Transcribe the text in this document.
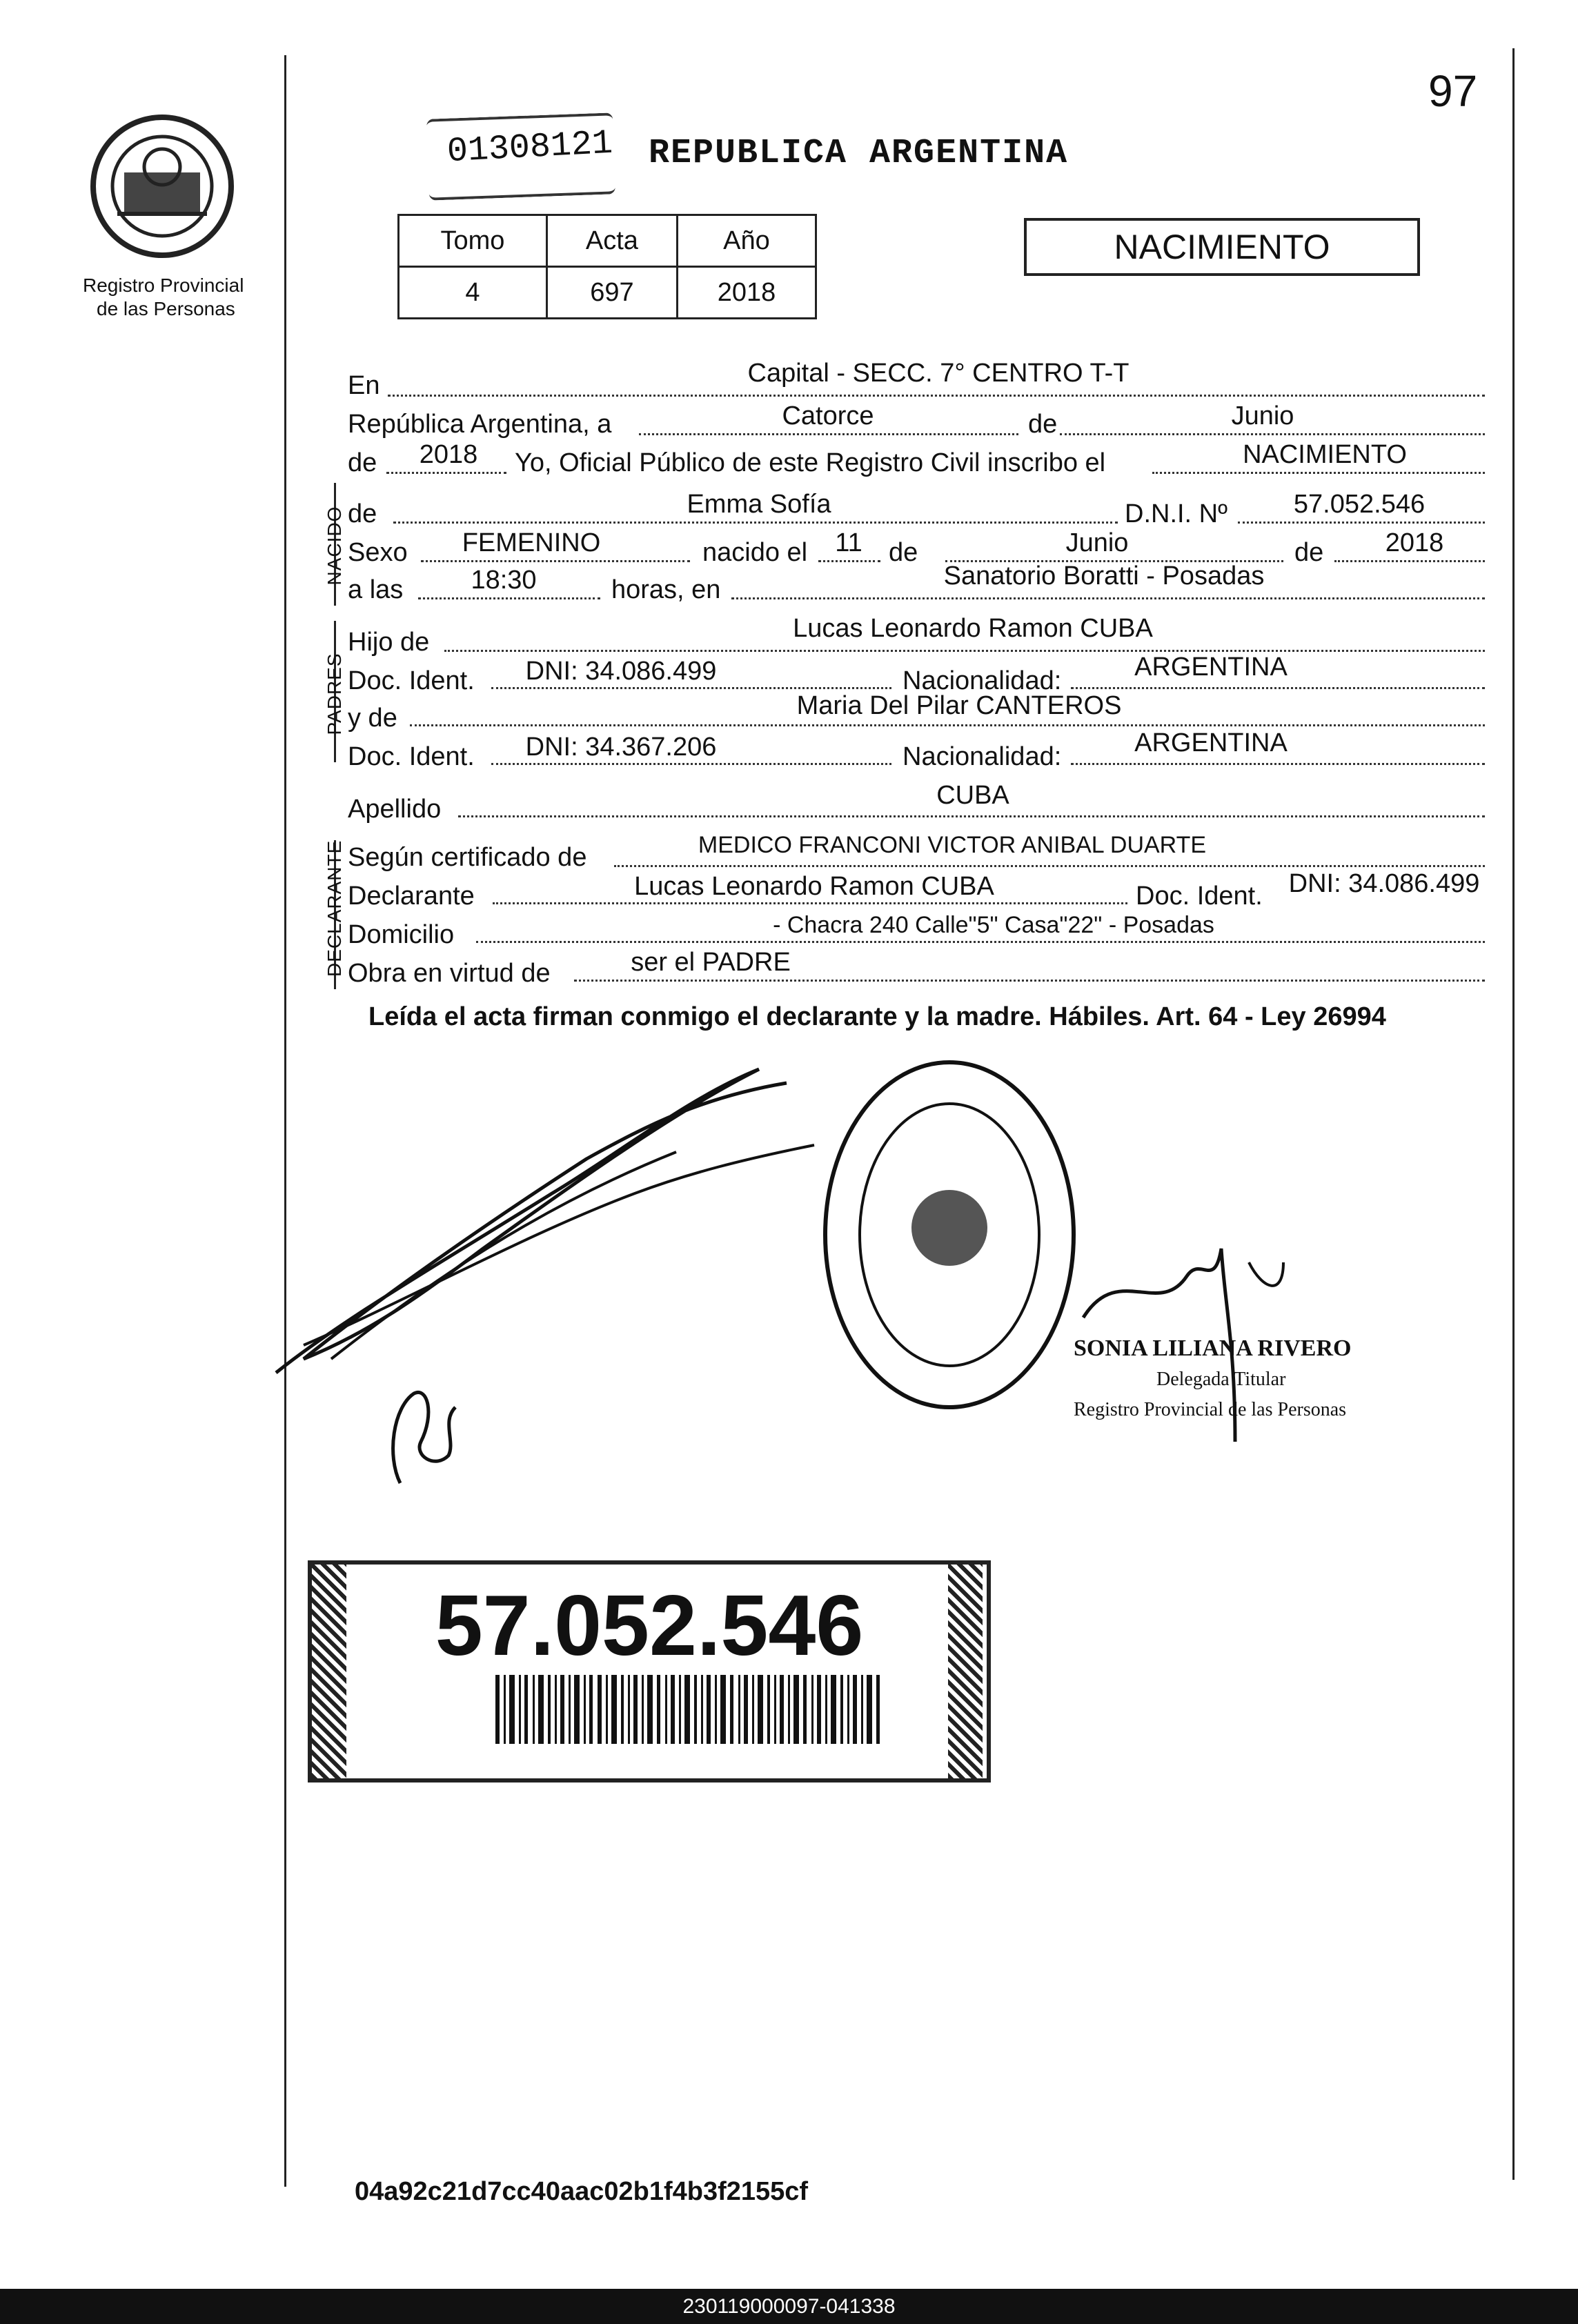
97
Registro Provincial
de las Personas
01308121 REPUBLICA ARGENTINA
Tomo	Acta	Año
4	697	2018
NACIMIENTO
NACIDO
PADRES
DECLARANTE
En	Capital - SECC. 7° CENTRO T-T
República Argentina, a	Catorce	de	Junio
de	2018	Yo, Oficial Público de este Registro Civil inscribo el	NACIMIENTO
de	Emma Sofía	D.N.I. Nº	57.052.546
Sexo	FEMENINO	nacido el	11	de	Junio	de	2018
a las	18:30	horas, en	Sanatorio Boratti - Posadas
Hijo de	Lucas Leonardo Ramon CUBA
Doc. Ident.	DNI: 34.086.499	Nacionalidad:	ARGENTINA
y de	Maria Del Pilar CANTEROS
Doc. Ident.	DNI: 34.367.206	Nacionalidad:	ARGENTINA
Apellido	CUBA
Según certificado de	MEDICO FRANCONI VICTOR ANIBAL DUARTE
Declarante	Lucas Leonardo Ramon CUBA	Doc. Ident. DNI: 34.086.499
Domicilio	- Chacra 240 Calle"5" Casa"22" - Posadas
Obra en virtud de	ser el PADRE
Leída el acta firman conmigo el declarante y la madre. Hábiles. Art. 64 - Ley 26994
SONIA LILIANA RIVERO
Delegada Titular
Registro Provincial de las Personas
57.052.546
04a92c21d7cc40aac02b1f4b3f2155cf
230119000097-041338
